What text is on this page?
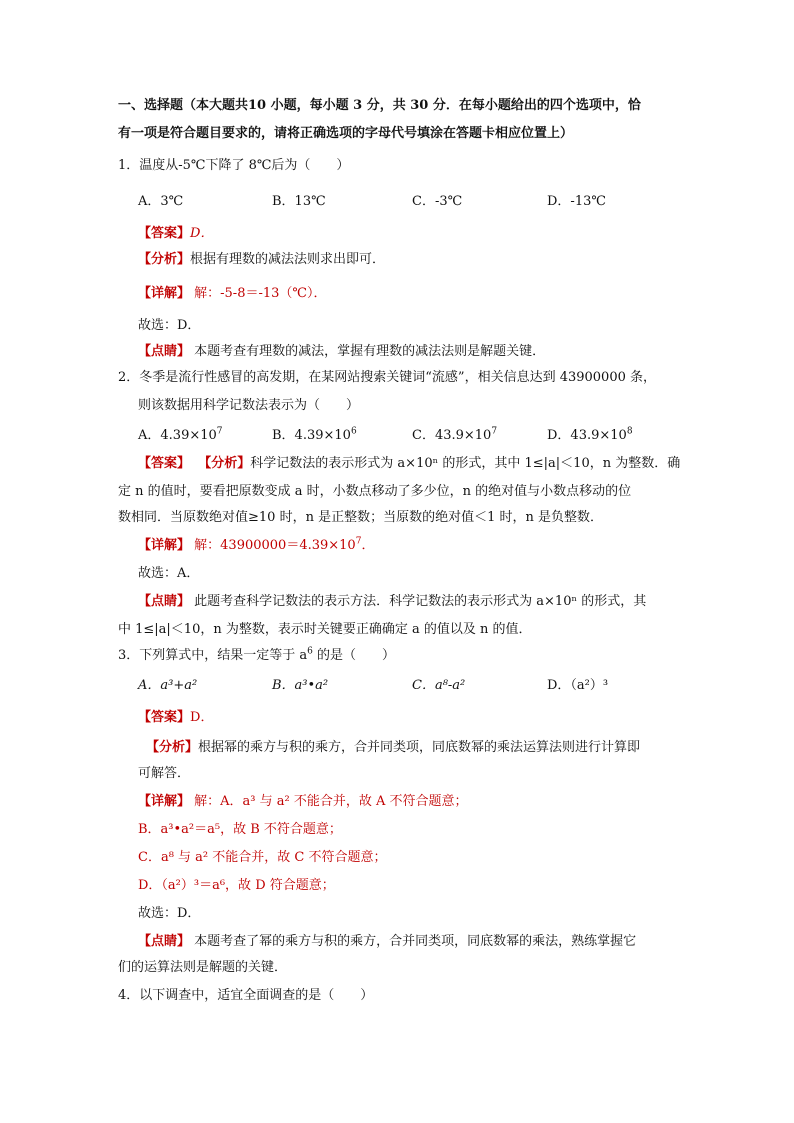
一、选择题（本大题共10 小题，每小题 3 分，共 30 分．在每小题给出的四个选项中，恰
有一项是符合题目要求的，请将正确选项的字母代号填涂在答题卡相应位置上）
1．温度从-5℃下降了 8℃后为（　　）
A．3℃	B．13℃	C．-3℃	D．-13℃
【答案】D．
【分析】根据有理数的减法法则求出即可．
【详解】 解：-5-8＝-13（℃）．
故选：D．
【点睛】 本题考查有理数的减法，掌握有理数的减法法则是解题关键．
2．冬季是流行性感冒的高发期，在某网站搜索关键词“流感”，相关信息达到 43900000 条，
则该数据用科学记数法表示为（　　）
A．$4.39\times 10^7$	B．$4.39\times 10^6$	C．$43.9\times 10^7$	D．$43.9\times 10^8$
【答案】 【分析】科学记数法的表示形式为 a×10ⁿ 的形式，其中 1≤|a|＜10，n 为整数．确
定 n 的值时，要看把原数变成 a 时，小数点移动了多少位，n 的绝对值与小数点移动的位
数相同．当原数绝对值≥10 时，n 是正整数；当原数的绝对值＜1 时，n 是负整数．
【详解】 解：$43900000=4.39\times 10^7$．
故选：A．
【点睛】 此题考查科学记数法的表示方法．科学记数法的表示形式为 a×10ⁿ 的形式，其
中 1≤|a|＜10，n 为整数，表示时关键要正确确定 a 的值以及 n 的值．
3．下列算式中，结果一定等于 $a^6$ 的是（　　）
A．a³+a²	B．a³•a²	C．a⁸-a²	D．（a²）³
【答案】D．
【分析】根据幂的乘方与积的乘方，合并同类项，同底数幂的乘法运算法则进行计算即
可解答．
【详解】 解：A．a³ 与 a² 不能合并，故 A 不符合题意；
B．a³•a²＝a⁵，故 B 不符合题意；
C．a⁸ 与 a² 不能合并，故 C 不符合题意；
D．（a²）³＝a⁶，故 D 符合题意；
故选：D．
【点睛】 本题考查了幂的乘方与积的乘方，合并同类项，同底数幂的乘法，熟练掌握它
们的运算法则是解题的关键．
4．以下调查中，适宜全面调查的是（　　）
